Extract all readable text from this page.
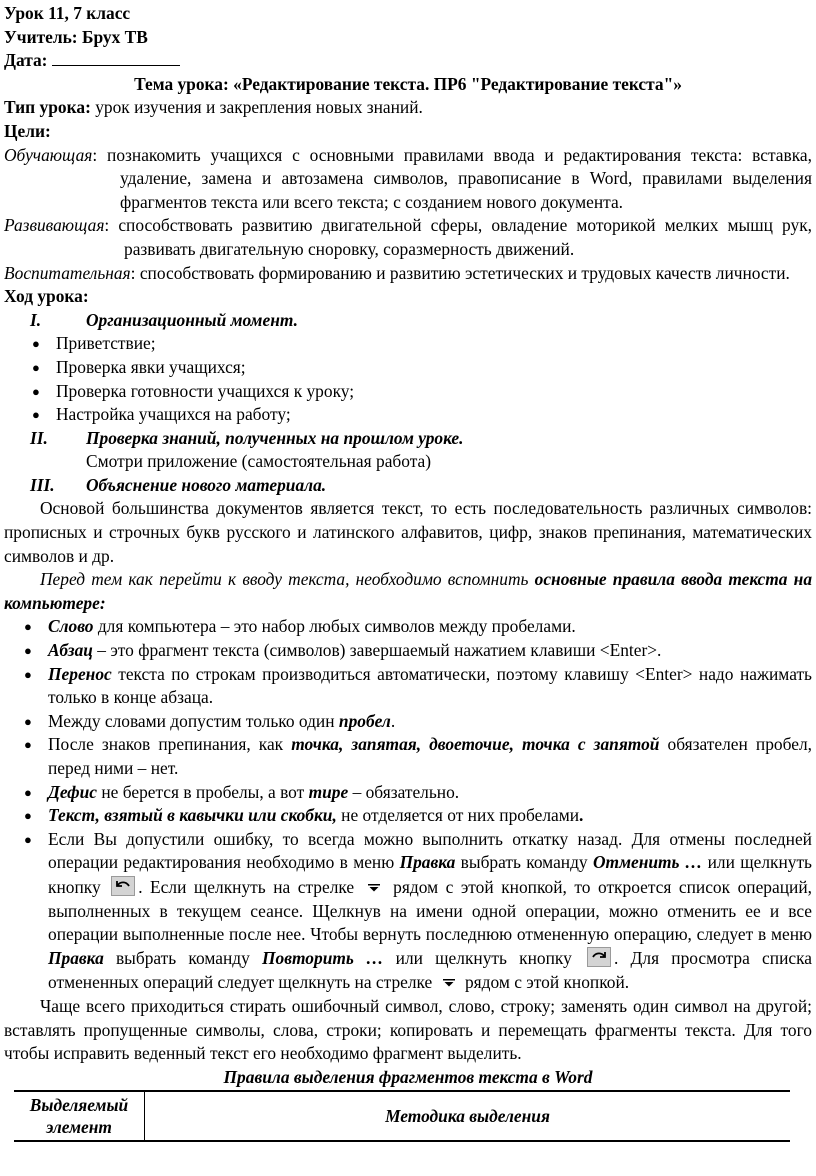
Урок 11, 7 класс

Учитель: Брух ТВ

Дата:

Тема урока: «Редактирование текста. ПР6 "Редактирование текста"»

Тип урока: урок изучения и закрепления новых знаний.

Цели:

Обучающая: познакомить учащихся с основными правилами ввода и редактирования текста: вставка, удаление, замена и автозамена символов, правописание в Word, правилами выделения фрагментов текста или всего текста; с созданием нового документа.

Развивающая: способствовать развитию двигательной сферы, овладение моторикой мелких мышц рук, развивать двигательную сноровку, соразмерность движений.

Воспитательная: способствовать формированию и развитию эстетических и трудовых качеств личности.

Ход урока:

I.	Организационный момент.
● Приветствие;
● Проверка явки учащихся;
● Проверка готовности учащихся к уроку;
● Настройка учащихся на работу;
II.	Проверка знаний, полученных на прошлом уроке.

Смотри приложение (самостоятельная работа)

III.	Объяснение нового материала.

Основой большинства документов является текст, то есть последовательность различных символов: прописных и строчных букв русского и латинского алфавитов, цифр, знаков препинания, математических символов и др.

Перед тем как перейти к вводу текста, необходимо вспомнить основные правила ввода текста на компьютере:

● Слово для компьютера – это набор любых символов между пробелами.
● Абзац – это фрагмент текста (символов) завершаемый нажатием клавиши <Enter>.
● Перенос текста по строкам производиться автоматически, поэтому клавишу <Enter> надо нажимать только в конце абзаца.
● Между словами допустим только один пробел.
● После знаков препинания, как точка, запятая, двоеточие, точка с запятой обязателен пробел, перед ними – нет.
● Дефис не берется в пробелы, а вот тире – обязательно.
● Текст, взятый в кавычки или скобки, не отделяется от них пробелами.
● Если Вы допустили ошибку, то всегда можно выполнить откатку назад. Для отмены последней операции редактирования необходимо в меню Правка выбрать команду Отменить … или щелкнуть кнопку
. Если щелкнуть на стрелке  рядом с этой кнопкой, то откроется список операций, выполненных в текущем сеансе. Щелкнув на имени одной операции, можно отменить ее и все операции выполненные после нее. Чтобы вернуть последнюю отмененную операцию, следует в меню Правка выбрать команду Повторить … или щелкнуть кнопку
. Для просмотра списка отмененных операций следует щелкнуть на стрелке  рядом с этой кнопкой.

Чаще всего приходиться стирать ошибочный символ, слово, строку; заменять один символ на другой; вставлять пропущенные символы, слова, строки; копировать и перемещать фрагменты текста. Для того чтобы исправить веденный текст его необходимо фрагмент выделить.

Правила выделения фрагментов текста в Word

Выделяемый элемент	Методика выделения
